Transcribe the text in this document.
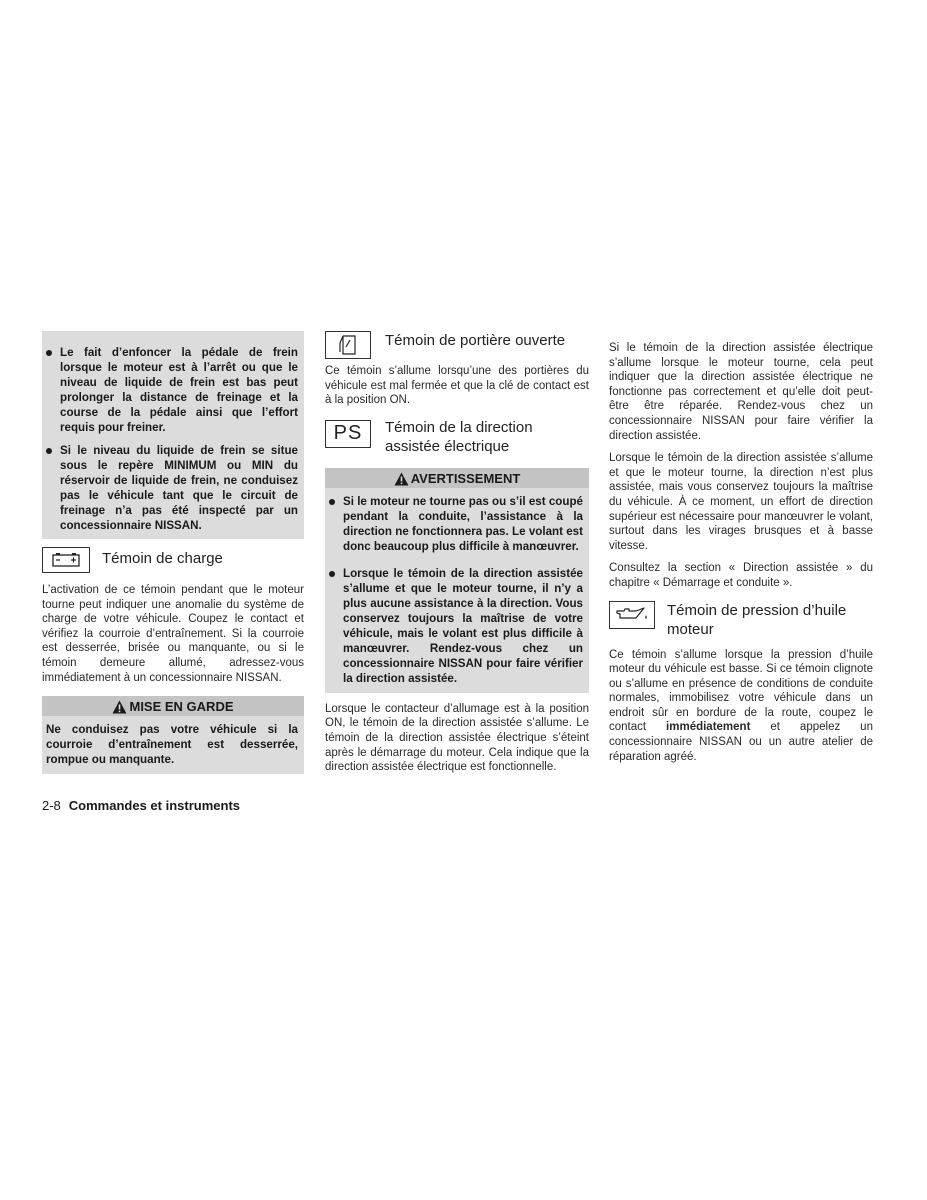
Le fait d’enfoncer la pédale de frein lorsque le moteur est à l’arrêt ou que le niveau de liquide de frein est bas peut prolonger la distance de freinage et la course de la pédale ainsi que l’effort requis pour freiner.
Si le niveau du liquide de frein se situe sous le repère MINIMUM ou MIN du réservoir de liquide de frein, ne conduisez pas le véhicule tant que le circuit de freinage n’a pas été inspecté par un concessionnaire NISSAN.
Témoin de charge

L’activation de ce témoin pendant que le moteur tourne peut indiquer une anomalie du système de charge de votre véhicule. Coupez le contact et vérifiez la courroie d’entraînement. Si la courroie est desserrée, brisée ou manquante, ou si le témoin demeure allumé, adressez-vous immédiatement à un concessionnaire NISSAN.

MISE EN GARDE

Ne conduisez pas votre véhicule si la courroie d’entraînement est desserrée, rompue ou manquante.

Témoin de portière ouverte

Ce témoin s’allume lorsqu’une des portières du véhicule est mal fermée et que la clé de contact est à la position ON.

PS Témoin de la direction assistée électrique
AVERTISSEMENT
Si le moteur ne tourne pas ou s’il est coupé pendant la conduite, l’assistance à la direction ne fonctionnera pas. Le volant est donc beaucoup plus difficile à manœuvrer.
Lorsque le témoin de la direction assistée s’allume et que le moteur tourne, il n’y a plus aucune assistance à la direction. Vous conservez toujours la maîtrise de votre véhicule, mais le volant est plus difficile à manœuvrer. Rendez-vous chez un concessionnaire NISSAN pour faire vérifier la direction assistée.

Lorsque le contacteur d’allumage est à la position ON, le témoin de la direction assistée s’allume. Le témoin de la direction assistée électrique s’éteint après le démarrage du moteur. Cela indique que la direction assistée électrique est fonctionnelle.

Si le témoin de la direction assistée électrique s’allume lorsque le moteur tourne, cela peut indiquer que la direction assistée électrique ne fonctionne pas correctement et qu’elle doit peut-être être réparée. Rendez-vous chez un concessionnaire NISSAN pour faire vérifier la direction assistée.

Lorsque le témoin de la direction assistée s’allume et que le moteur tourne, la direction n’est plus assistée, mais vous conservez toujours la maîtrise du véhicule. À ce moment, un effort de direction supérieur est nécessaire pour manœuvrer le volant, surtout dans les virages brusques et à basse vitesse.

Consultez la section « Direction assistée » du chapitre « Démarrage et conduite ».

Témoin de pression d’huile moteur

Ce témoin s’allume lorsque la pression d’huile moteur du véhicule est basse. Si ce témoin clignote ou s’allume en présence de conditions de conduite normales, immobilisez votre véhicule dans un endroit sûr en bordure de la route, coupez le contact immédiatement et appelez un concessionnaire NISSAN ou un autre atelier de réparation agréé.

2-8 Commandes et instruments
